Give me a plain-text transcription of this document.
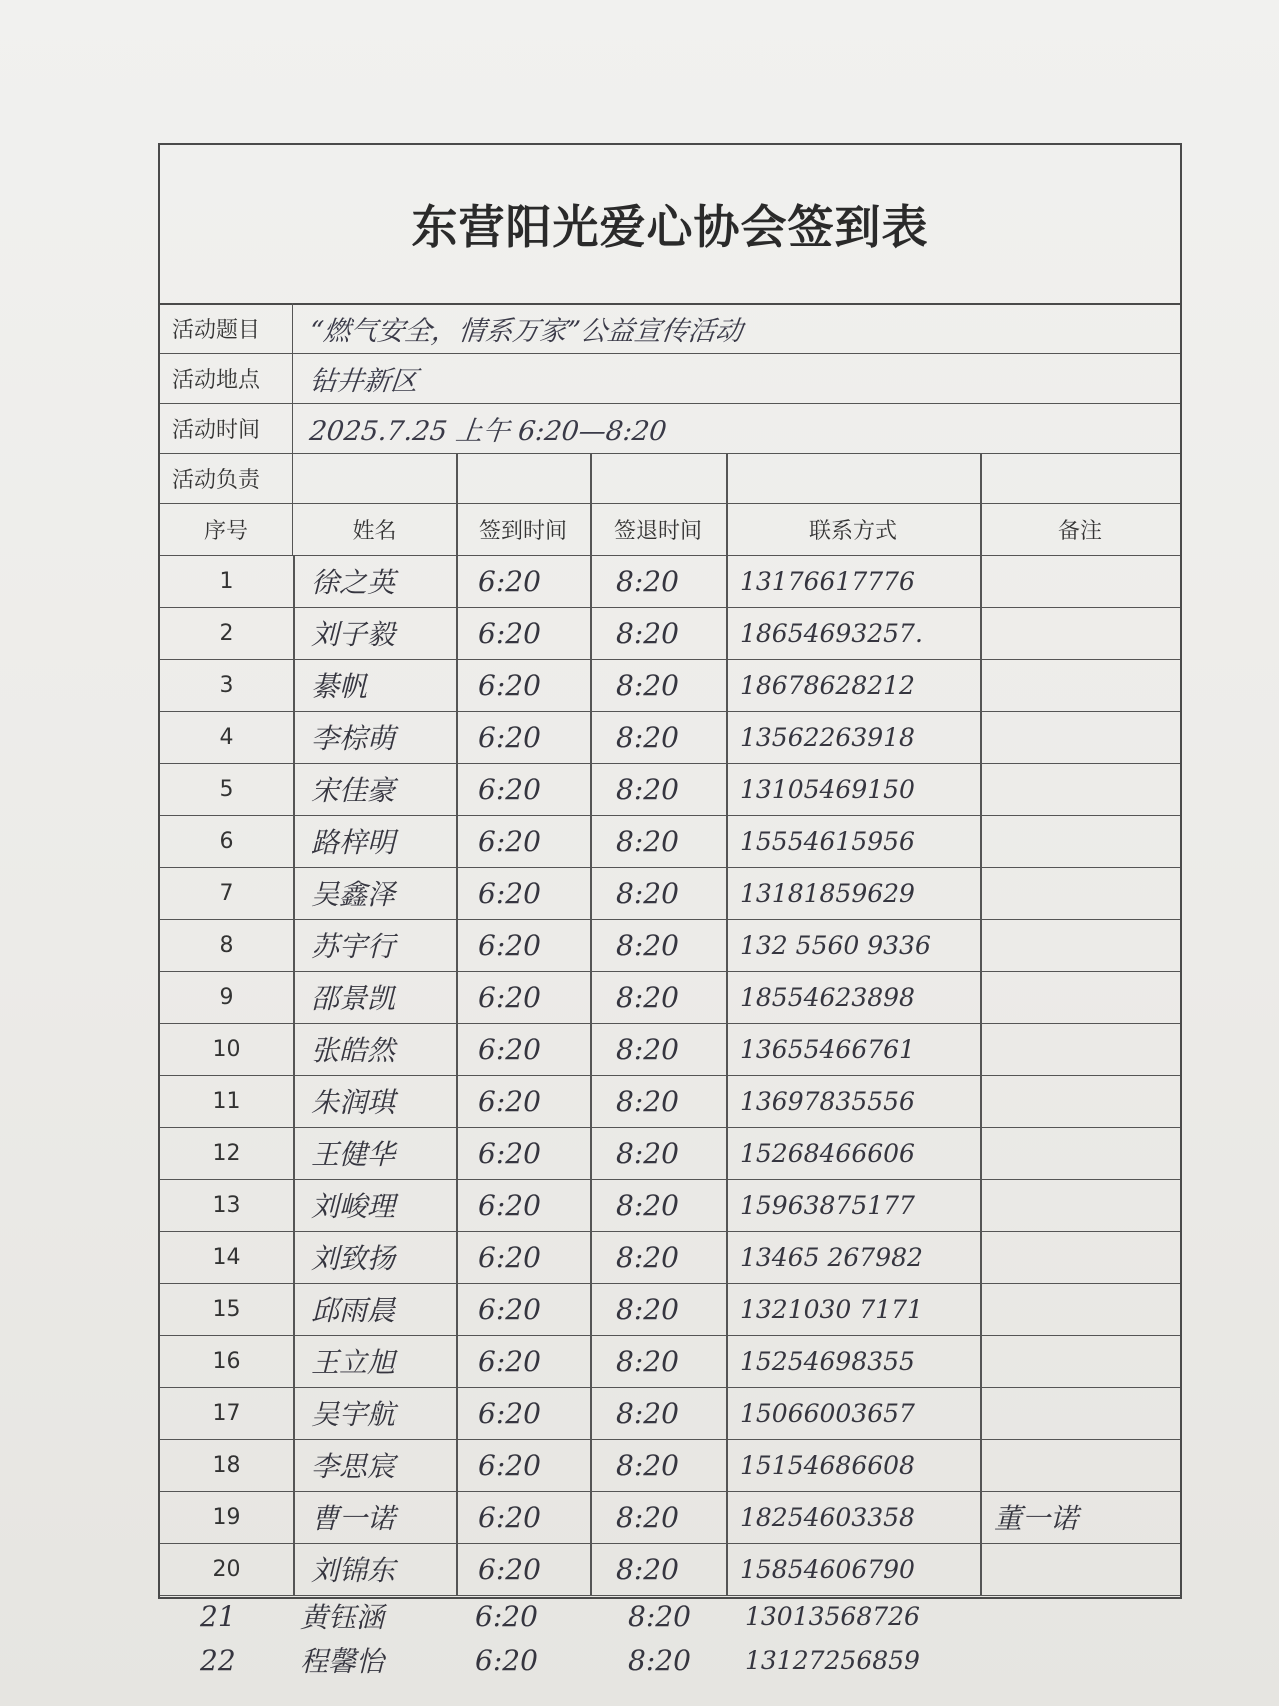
东营阳光爱心协会签到表
活动题目	“燃气安全，情系万家”公益宣传活动
活动地点	钻井新区
活动时间	2025.7.25 上午 6:20—8:20
活动负责
序号	姓名	签到时间	签退时间	联系方式	备注
1	徐之英	6:20	8:20 13176617776
2	刘子毅	6:20	8:20 18654693257.
3	綦帆	6:20	8:20 18678628212
4	李棕萌	6:20	8:20 13562263918
5	宋佳豪	6:20	8:20 13105469150
6	路梓明	6:20	8:20 15554615956
7	吴鑫泽	6:20	8:20 13181859629
8	苏宇行	6:20	8:20 132 5560 9336
9	邵景凯	6:20	8:20 18554623898
10	张皓然	6:20	8:20 13655466761
11	朱润琪	6:20	8:20 13697835556
12	王健华	6:20	8:20 15268466606
13	刘峻理	6:20	8:20 15963875177
14	刘致扬	6:20	8:20 13465 267982
15	邱雨晨	6:20	8:20 1321030 7171
16	王立旭	6:20	8:20 15254698355
17	吴宇航	6:20	8:20 15066003657
18	李思宸	6:20	8:20 15154686608
19	曹一诺	6:20	8:20 18254603358	董一诺
20	刘锦东	6:20	8:20 15854606790
21 黄钰涵	6:20	8:20 13013568726
22 程馨怡	6:20	8:20 13127256859
